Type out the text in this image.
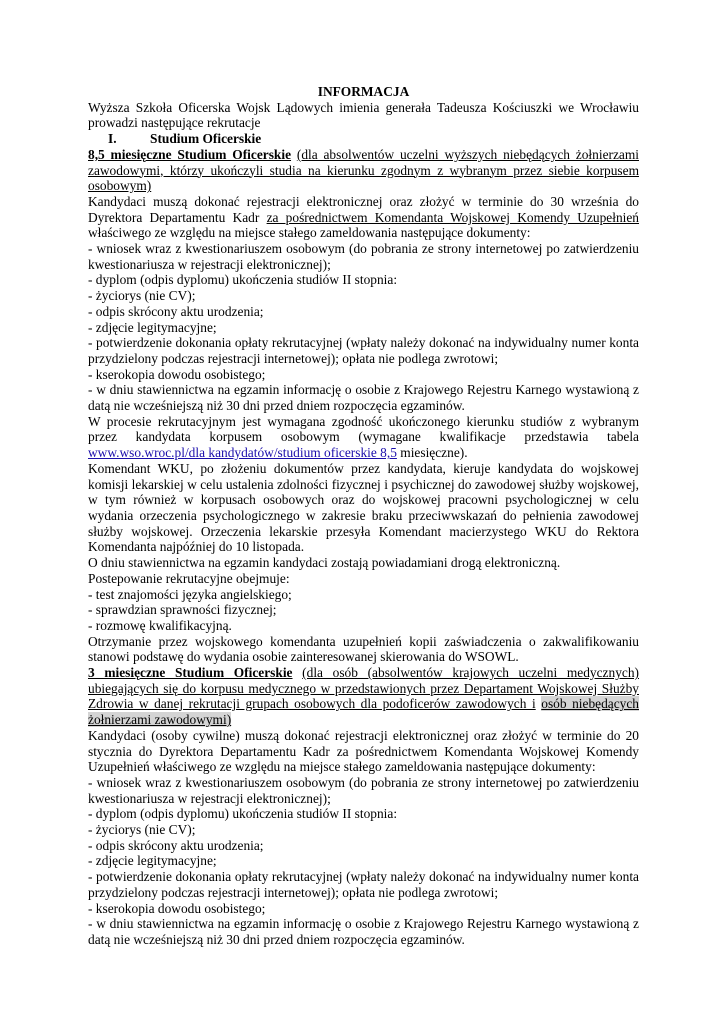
INFORMACJA

Wyższa Szkoła Oficerska Wojsk Lądowych imienia generała Tadeusza Kościuszki we Wrocławiu prowadzi następujące rekrutacje

I. Studium Oficerskie

8,5 miesięczne Studium Oficerskie (dla absolwentów uczelni wyższych niebędących żołnierzami zawodowymi, którzy ukończyli studia na kierunku zgodnym z wybranym przez siebie korpusem osobowym)

Kandydaci muszą dokonać rejestracji elektronicznej oraz złożyć w terminie do 30 września do Dyrektora Departamentu Kadr za pośrednictwem Komendanta Wojskowej Komendy Uzupełnień właściwego ze względu na miejsce stałego zameldowania następujące dokumenty:

- wniosek wraz z kwestionariuszem osobowym (do pobrania ze strony internetowej po zatwierdzeniu kwestionariusza w rejestracji elektronicznej);

- dyplom (odpis dyplomu) ukończenia studiów II stopnia:

- życiorys (nie CV);

- odpis skrócony aktu urodzenia;

- zdjęcie legitymacyjne;

- potwierdzenie dokonania opłaty rekrutacyjnej (wpłaty należy dokonać na indywidualny numer konta przydzielony podczas rejestracji internetowej); opłata nie podlega zwrotowi;

- kserokopia dowodu osobistego;

- w dniu stawiennictwa na egzamin informację o osobie z Krajowego Rejestru Karnego wystawioną z datą nie wcześniejszą niż 30 dni przed dniem rozpoczęcia egzaminów.

W procesie rekrutacyjnym jest wymagana zgodność ukończonego kierunku studiów z wybranym przez kandydata korpusem osobowym (wymagane kwalifikacje przedstawia tabela www.wso.wroc.pl/dla kandydatów/studium oficerskie 8,5 miesięczne).

Komendant WKU, po złożeniu dokumentów przez kandydata, kieruje kandydata do wojskowej komisji lekarskiej w celu ustalenia zdolności fizycznej i psychicznej do zawodowej służby wojskowej, w tym również w korpusach osobowych oraz do wojskowej pracowni psychologicznej w celu wydania orzeczenia psychologicznego w zakresie braku przeciwwskazań do pełnienia zawodowej służby wojskowej. Orzeczenia lekarskie przesyła Komendant macierzystego WKU do Rektora Komendanta najpóźniej do 10 listopada.

O dniu stawiennictwa na egzamin kandydaci zostają powiadamiani drogą elektroniczną.

Postepowanie rekrutacyjne obejmuje:

- test znajomości języka angielskiego;

- sprawdzian sprawności fizycznej;

- rozmowę kwalifikacyjną.

Otrzymanie przez wojskowego komendanta uzupełnień kopii zaświadczenia o zakwalifikowaniu stanowi podstawę do wydania osobie zainteresowanej skierowania do WSOWL.

3 miesięczne Studium Oficerskie (dla osób (absolwentów krajowych uczelni medycznych) ubiegających się do korpusu medycznego w przedstawionych przez Departament Wojskowej Służby Zdrowia w danej rekrutacji grupach osobowych dla podoficerów zawodowych i osób niebędących żołnierzami zawodowymi)

Kandydaci (osoby cywilne) muszą dokonać rejestracji elektronicznej oraz złożyć w terminie do 20 stycznia do Dyrektora Departamentu Kadr za pośrednictwem Komendanta Wojskowej Komendy Uzupełnień właściwego ze względu na miejsce stałego zameldowania następujące dokumenty:

- wniosek wraz z kwestionariuszem osobowym (do pobrania ze strony internetowej po zatwierdzeniu kwestionariusza w rejestracji elektronicznej);

- dyplom (odpis dyplomu) ukończenia studiów II stopnia:

- życiorys (nie CV);

- odpis skrócony aktu urodzenia;

- zdjęcie legitymacyjne;

- potwierdzenie dokonania opłaty rekrutacyjnej (wpłaty należy dokonać na indywidualny numer konta przydzielony podczas rejestracji internetowej); opłata nie podlega zwrotowi;

- kserokopia dowodu osobistego;

- w dniu stawiennictwa na egzamin informację o osobie z Krajowego Rejestru Karnego wystawioną z datą nie wcześniejszą niż 30 dni przed dniem rozpoczęcia egzaminów.
